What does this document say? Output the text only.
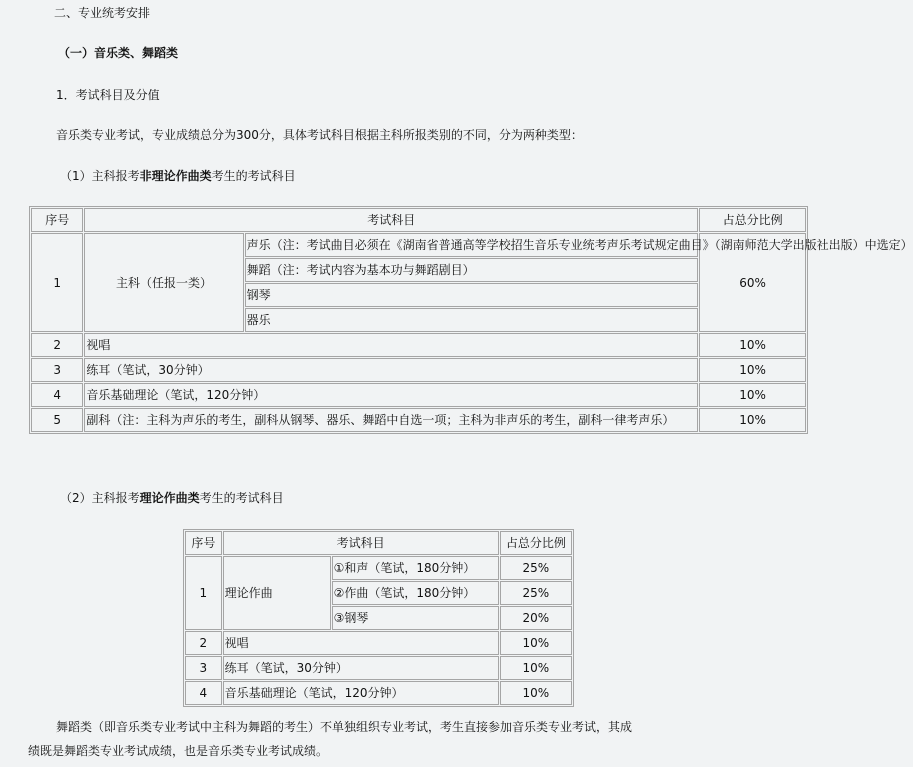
二、专业统考安排
（一）音乐类、舞蹈类
1．考试科目及分值
音乐类专业考试，专业成绩总分为300分，具体考试科目根据主科所报类别的不同，分为两种类型：
（1）主科报考非理论作曲类考生的考试科目
序号	考试科目		占总分比例
1	主科（任报一类）	声乐（注：考试曲目必须在《湖南省普通高等学校招生音乐专业统考声乐考试规定曲目》（湖南师范大学出版社出版）中选定）	60%
		舞蹈（注：考试内容为基本功与舞蹈剧目）	
		钢琴	
		器乐	
2	视唱		10%
3	练耳（笔试，30分钟）		10%
4	音乐基础理论（笔试，120分钟）		10%
5	副科（注：主科为声乐的考生，副科从钢琴、器乐、舞蹈中自选一项；主科为非声乐的考生，副科一律考声乐）		10%
（2）主科报考理论作曲类考生的考试科目
序号	考试科目		占总分比例
1	理论作曲	①和声（笔试，180分钟）	25%
		②作曲（笔试，180分钟）	25%
		③钢琴	20%
2	视唱		10%
3	练耳（笔试，30分钟）		10%
4	音乐基础理论（笔试，120分钟）		10%
舞蹈类（即音乐类专业考试中主科为舞蹈的考生）不单独组织专业考试，考生直接参加音乐类专业考试，其成
绩既是舞蹈类专业考试成绩，也是音乐类专业考试成绩。
